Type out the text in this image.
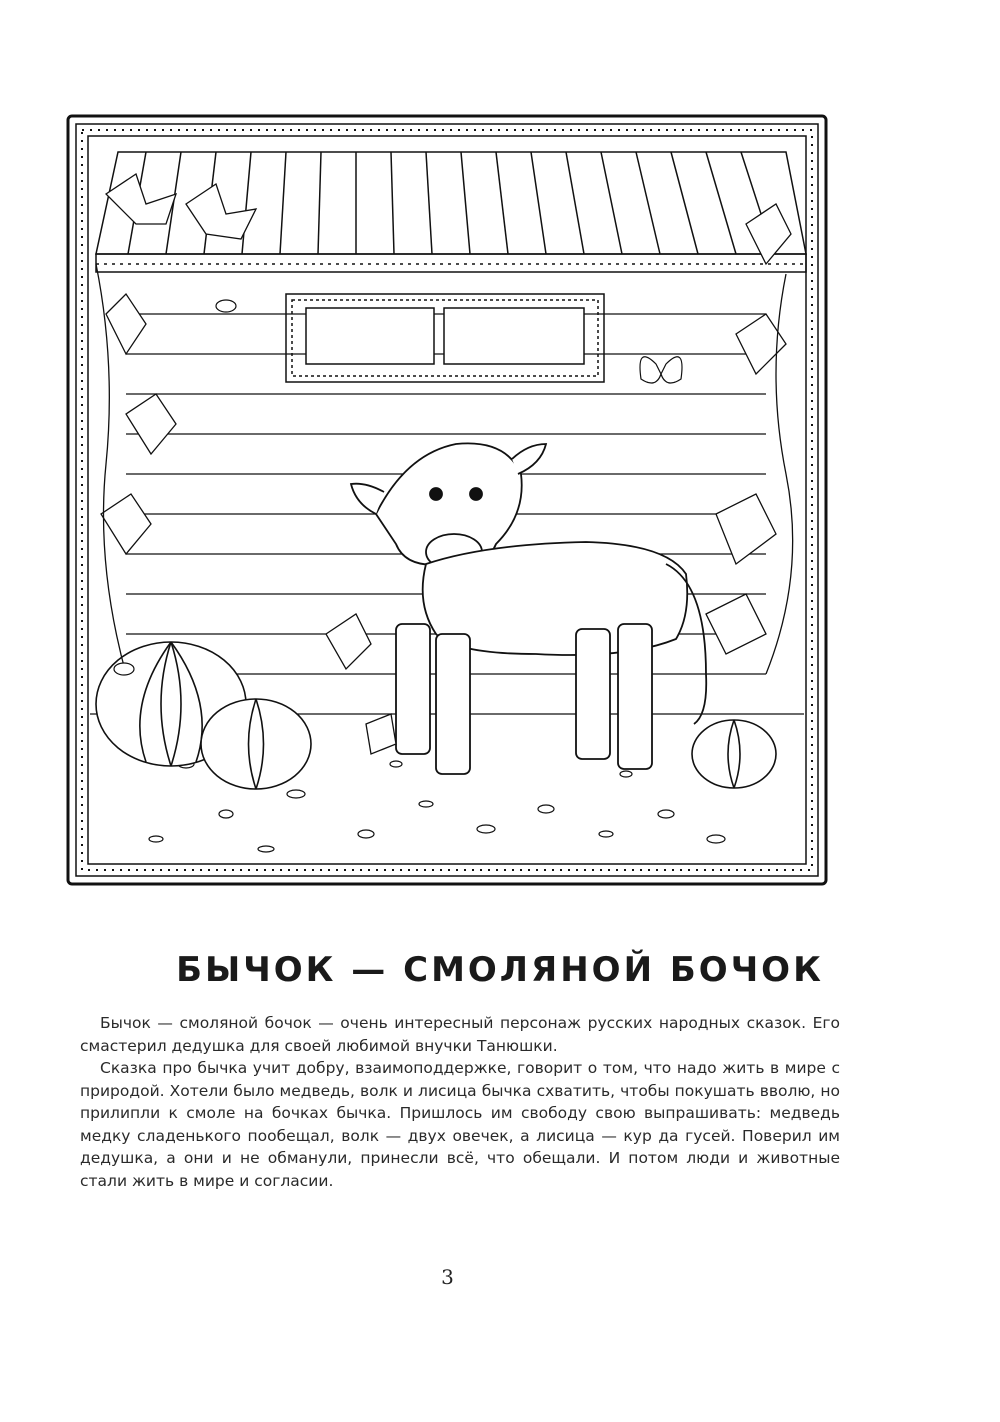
БЫЧОК — СМОЛЯНОЙ БОЧОК

Бычок — смоляной бочок — очень интересный персонаж русских народных сказок. Его смастерил дедушка для своей любимой внучки Танюшки.

Сказка про бычка учит добру, взаимоподдержке, говорит о том, что надо жить в мире с природой. Хотели было медведь, волк и лисица бычка схватить, чтобы покушать вволю, но прилипли к смоле на бочках бычка. Пришлось им свободу свою выпрашивать: медведь медку сладенького пообещал, волк — двух овечек, а лисица — кур да гусей. Поверил им дедушка, а они и не обманули, принесли всё, что обещали. И потом люди и животные стали жить в мире и согласии.

3
